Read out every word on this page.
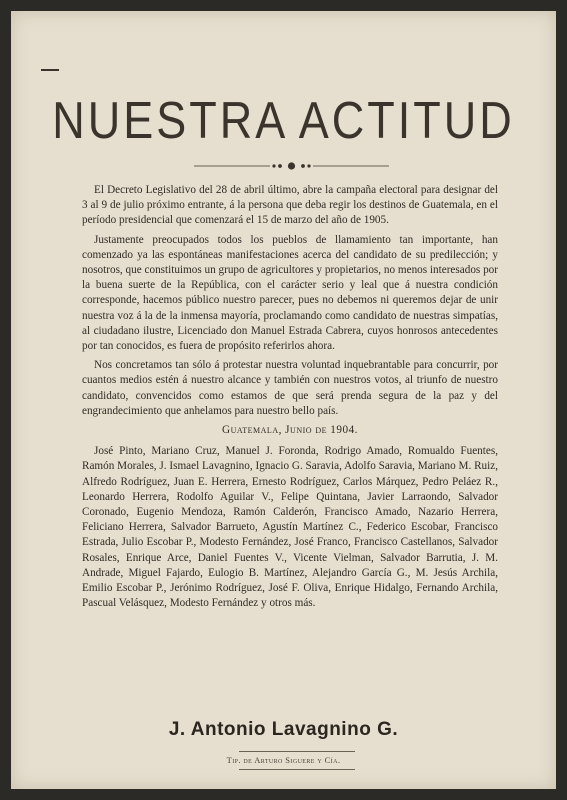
NUESTRA ACTITUD

El Decreto Legislativo del 28 de abril último, abre la campaña electoral para designar del 3 al 9 de julio próximo entrante, á la persona que deba regir los destinos de Guatemala, en el período presidencial que comenzará el 15 de marzo del año de 1905.

Justamente preocupados todos los pueblos de llamamiento tan importante, han comenzado ya las espontáneas manifestaciones acerca del candidato de su predilección; y nosotros, que constituimos un grupo de agricultores y propietarios, no menos interesados por la buena suerte de la República, con el carácter serio y leal que á nuestra condición corresponde, hacemos público nuestro parecer, pues no debemos ni queremos dejar de unir nuestra voz á la de la inmensa mayoría, proclamando como candidato de nuestras simpatías, al ciudadano ilustre, Licenciado don Manuel Estrada Cabrera, cuyos honrosos antecedentes por tan conocidos, es fuera de propósito referirlos ahora.

Nos concretamos tan sólo á protestar nuestra voluntad inquebrantable para concurrir, por cuantos medios estén á nuestro alcance y también con nuestros votos, al triunfo de nuestro candidato, convencidos como estamos de que será prenda segura de la paz y del engrandecimiento que anhelamos para nuestro bello país.

Guatemala, Junio de 1904.

José Pinto, Mariano Cruz, Manuel J. Foronda, Rodrigo Amado, Romualdo Fuentes, Ramón Morales, J. Ismael Lavagnino, Ignacio G. Saravia, Adolfo Saravia, Mariano M. Ruiz, Alfredo Rodríguez, Juan E. Herrera, Ernesto Rodríguez, Carlos Márquez, Pedro Peláez R., Leonardo Herrera, Rodolfo Aguilar V., Felipe Quintana, Javier Larraondo, Salvador Coronado, Eugenio Mendoza, Ramón Calderón, Francisco Amado, Nazario Herrera, Feliciano Herrera, Salvador Barrueto, Agustín Martínez C., Federico Escobar, Francisco Estrada, Julio Escobar P., Modesto Fernández, José Franco, Francisco Castellanos, Salvador Rosales, Enrique Arce, Daniel Fuentes V., Vicente Vielman, Salvador Barrutia, J. M. Andrade, Miguel Fajardo, Eulogio B. Martínez, Alejandro García G., M. Jesús Archila, Emilio Escobar P., Jerónimo Rodríguez, José F. Oliva, Enrique Hidalgo, Fernando Archila, Pascual Velásquez, Modesto Fernández y otros más.

J. Antonio Lavagnino G.
Tip. de Arturo Siguere y Cía.
